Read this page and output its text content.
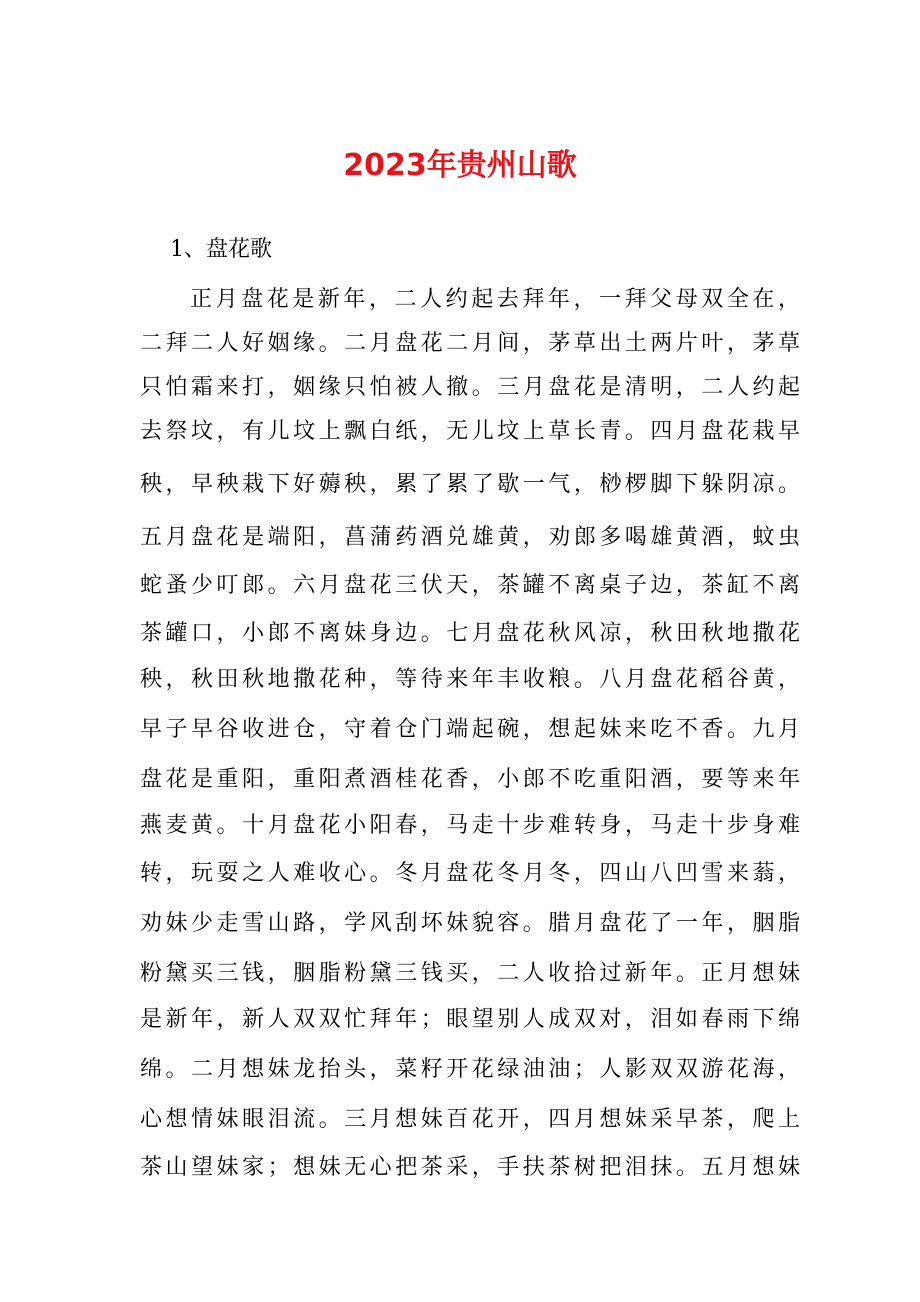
2023年贵州山歌
1、盘花歌
正月盘花是新年，二人约起去拜年，一拜父母双全在，
二拜二人好姻缘。二月盘花二月间，茅草出土两片叶，茅草
只怕霜来打，姻缘只怕被人撤。三月盘花是清明，二人约起
去祭坟，有儿坟上飘白纸，无儿坟上草长青。四月盘花栽早
秧，早秧栽下好薅秧，累了累了歇一气，桫椤脚下躲阴凉。
五月盘花是端阳，菖蒲药酒兑雄黄，劝郎多喝雄黄酒，蚊虫
蛇蚤少叮郎。六月盘花三伏天，茶罐不离桌子边，茶缸不离
茶罐口，小郎不离妹身边。七月盘花秋风凉，秋田秋地撒花
秧，秋田秋地撒花种，等待来年丰收粮。八月盘花稻谷黄，
早子早谷收进仓，守着仓门端起碗，想起妹来吃不香。九月
盘花是重阳，重阳煮酒桂花香，小郎不吃重阳酒，要等来年
燕麦黄。十月盘花小阳春，马走十步难转身，马走十步身难
转，玩耍之人难收心。冬月盘花冬月冬，四山八凹雪来蓊，
劝妹少走雪山路，学风刮坏妹貌容。腊月盘花了一年，胭脂
粉黛买三钱，胭脂粉黛三钱买，二人收拾过新年。正月想妹
是新年，新人双双忙拜年；眼望别人成双对，泪如春雨下绵
绵。二月想妹龙抬头，菜籽开花绿油油；人影双双游花海，
心想情妹眼泪流。三月想妹百花开，四月想妹采早茶，爬上
茶山望妹家；想妹无心把茶采，手扶茶树把泪抹。五月想妹
